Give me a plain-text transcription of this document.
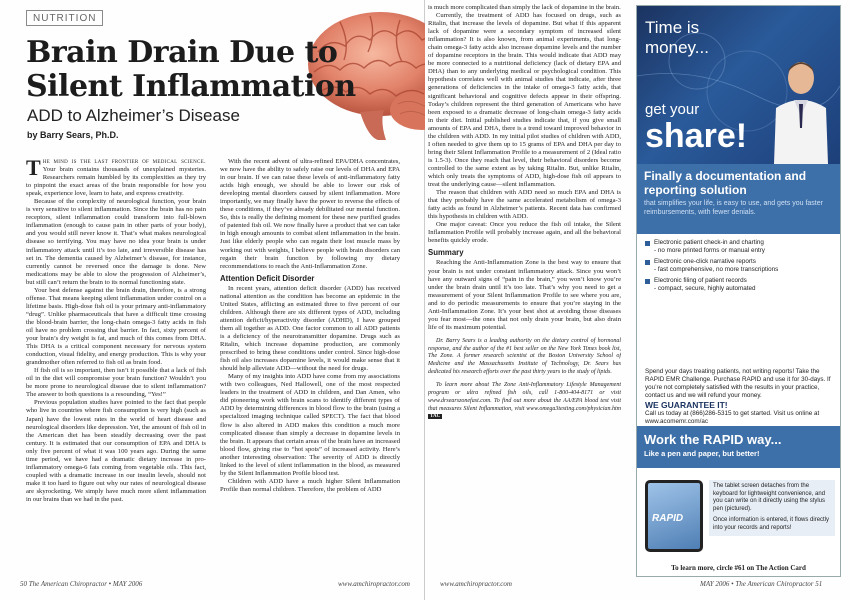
NUTRITION
Brain Drain Due to
Silent Inflammation
ADD to Alzheimer’s Disease
by Barry Sears, Ph.D.

The mind is the last frontier of medical science. Your brain contains thousands of unexplained mysteries. Researchers remain humbled by its complexities as they try to pinpoint the exact areas of the brain responsible for how you speak, experience love, learn to hate, and express creativity.

Because of the complexity of neurological function, your brain is very sensitive to silent inflammation. Since the brain has no pain receptors, silent inflammation could transform into full-blown inflammation (enough to cause pain in other parts of your body), and you would still never know it. That’s what makes neurological disease so terrifying. You may have no idea your brain is under inflammatory attack until it’s too late, and irreversible disease has set in. The dementia caused by Alzheimer’s disease, for instance, currently cannot be reversed once the damage is done. New medications may be able to slow the progression of Alzheimer’s, but still can’t return the brain to its normal functioning state.

Your best defense against the brain drain, therefore, is a strong offense. That means keeping silent inflammation under control on a lifetime basis. High-dose fish oil is your primary anti-inflammatory “drug”. Unlike pharmaceuticals that have a difficult time crossing the blood-brain barrier, the long-chain omega-3 fatty acids in fish oil have no problem crossing that barrier. In fact, sixty percent of your brain’s dry weight is fat, and much of this comes from DHA. This DHA is a critical component necessary for nervous system conduction, visual fidelity, and energy production. This is why your grandmother often referred to fish oil as brain food.

If fish oil is so important, then isn’t it possible that a lack of fish oil in the diet will compromise your brain function? Wouldn’t you be more prone to neurological disease due to silent inflammation? The answer to both questions is a resounding, “Yes!”

Previous population studies have pointed to the fact that people who live in countries where fish consumption is very high (such as Japan) have the lowest rates in the world of heart disease and neurological disorders like depression. Yet, the amount of fish oil in the American diet has been steadily decreasing over the past century. It is estimated that our consumption of EPA and DHA is only five percent of what it was 100 years ago. During the same time period, we have had a dramatic dietary increase in pro-inflammatory omega-6 fats coming from vegetable oils. This fact, coupled with a dramatic increase in our insulin levels, should not make it too hard to figure out why our rates of neurological disease are skyrocketing. We simply have much more silent inflammation in our brains than we had in the past.

With the recent advent of ultra-refined EPA/DHA concentrates, we now have the ability to safely raise our levels of DHA and EPA in our brain. If we can raise these levels of anti-inflammatory fatty acids high enough, we should be able to lower our risk of developing mental disorders caused by silent inflammation. More importantly, we may finally have the power to reverse the effects of these conditions, if they’ve already debilitated our mental function. So, this is really the defining moment for these new purified grades of patented fish oil. We now finally have a product that we can take in high enough amounts to combat silent inflammation in the brain. Just like elderly people who can regain their lost muscle mass by working out with weights, I believe people with brain disorders can regain their brain function by following my dietary recommendations to reach the Anti-Inflammation Zone.

Attention Deficit Disorder

In recent years, attention deficit disorder (ADD) has received national attention as the condition has become an epidemic in the United States, afflicting an estimated three to five percent of our children. Although there are six different types of ADD, including attention deficit/hyperactivity disorder (ADHD), I have grouped them all together as ADD. One factor common to all ADD patients is a deficiency of the neurotransmitter dopamine. Drugs such as Ritalin, which increase dopamine production, are commonly prescribed to bring these conditions under control. Since high-dose fish oil also increases dopamine levels, it would make sense that it should help alleviate ADD—without the need for drugs.

Many of my insights into ADD have come from my associations with two colleagues, Ned Hallowell, one of the most respected leaders in the treatment of ADD in children, and Dan Amen, who did pioneering work with brain scans to identify different types of ADD by determining differences in blood flow to the brain (using a specialized imaging technique called SPECT). The fact that blood flow is also altered in ADD makes this condition a much more complicated disease than simply a decrease in dopamine levels in the brain. It appears that certain areas of the brain have an increased blood flow, giving rise to “hot spots” of increased activity. Here’s another interesting observation: The severity of ADD is directly linked to the level of silent inflammation in the blood, as measured by the Silent Inflammation Profile blood test.

Children with ADD have a much higher Silent Inflammation Profile than normal children. Therefore, the problem of ADD

50 The American Chiropractor • MAY 2006	www.amchiropractor.com

is much more complicated than simply the lack of dopamine in the brain.

Currently, the treatment of ADD has focused on drugs, such as Ritalin, that increase the levels of dopamine. But what if this apparent lack of dopamine were a secondary symptom of increased silent inflammation? It is also known, from animal experiments, that long-chain omega-3 fatty acids also increase dopamine levels and the number of dopamine receptors in the brain. This would indicate that ADD may be more connected to a nutritional deficiency (lack of dietary EPA and DHA) than to any underlying medical or psychological condition. This hypothesis correlates well with animal studies that indicate, after three generations of deficiencies in the intake of omega-3 fatty acids, that significant behavioral and cognitive defects appear in their offspring. Today’s children represent the third generation of Americans who have been exposed to a dramatic decrease of long-chain omega-3 fatty acids in their diet. Initial published studies indicate that, if you give small amounts of EPA and DHA, there is a trend toward improved behavior in the children with ADD. In my initial pilot studies of children with ADD, I often needed to give them up to 15 grams of EPA and DHA per day to bring their Silent Inflammation Profile to a measurement of 2 (Ideal ratio is 1.5-3). Once they reach that level, their behavioral disorders become controlled to the same extent as by taking Ritalin. But, unlike Ritalin, which only treats the symptoms of ADD, high-dose fish oil appears to treat the underlying cause—silent inflammation.

The reason that children with ADD need so much EPA and DHA is that they probably have the same accelerated metabolism of omega-3 fatty acids as found in Alzheimer’s patients. Recent data has confirmed this hypothesis in children with ADD.

One major caveat: Once you reduce the fish oil intake, the Silent Inflammation Profile will probably increase again, and all the behavioral benefits quickly erode.

Summary

Reaching the Anti-Inflammation Zone is the best way to ensure that your brain is not under constant inflammatory attack. Since you won’t have any outward signs of “pain in the brain,” you won’t know you’re under the brain drain until it’s too late. That’s why you need to get a measurement of your Silent Inflammation Profile to see where you are, and to do periodic measurements to ensure that you’re staying in the Anti-Inflammation Zone. It’s your best shot at avoiding those diseases you fear most—the ones that not only drain your brain, but also drain life of its maximum potential.

Dr. Barry Sears is a leading authority on the dietary control of hormonal response, and the author of the #1 best seller on the New York Times book list, The Zone. A former research scientist at the Boston University School of Medicine and the Massachusetts Institute of Technology, Dr. Sears has dedicated his research efforts over the past thirty years to the study of lipids.

To learn more about The Zone Anti-Inflammatory Lifestyle Management program or ultra refined fish oils, call 1-800-404-8171 or visit www.drsearszonefast.com. To find out more about the AA/EPA blood test visit that measures Silent Inflammation, visit www.omega3testing.com/physician.htm TAC

www.amchiropractor.com	MAY 2006 • The American Chiropractor 51
Time is
money...
get your
share!
Finally a documentation and reporting solution

that simplifies your life, is easy to use, and gets you faster reimbursements, with fewer denials.

Electronic patient check-in and charting
- no more printed forms or manual entry
Electronic one-click narrative reports
- fast comprehensive, no more transcriptions
Electronic filing of patient records
- compact, secure, highly automated
Spend your days treating patients, not writing reports! Take the RAPID EMR Challenge. Purchase RAPID and use it for 30-days. If you’re not completely satisfied with the results in your practice, contact us and we will refund your money.
WE GUARANTEE IT!

Call us today at (866)286-5315 to get started. Visit us online at www.acomemr.com/ac

Work the RAPID way...

Like a pen and paper, but better!

RAPID

The tablet screen detaches from the keyboard for lightweight convenience, and you can write on it directly using the stylus pen (pictured).

Once information is entered, it flows directly into your records and reports!

To learn more, circle #61 on The Action Card
